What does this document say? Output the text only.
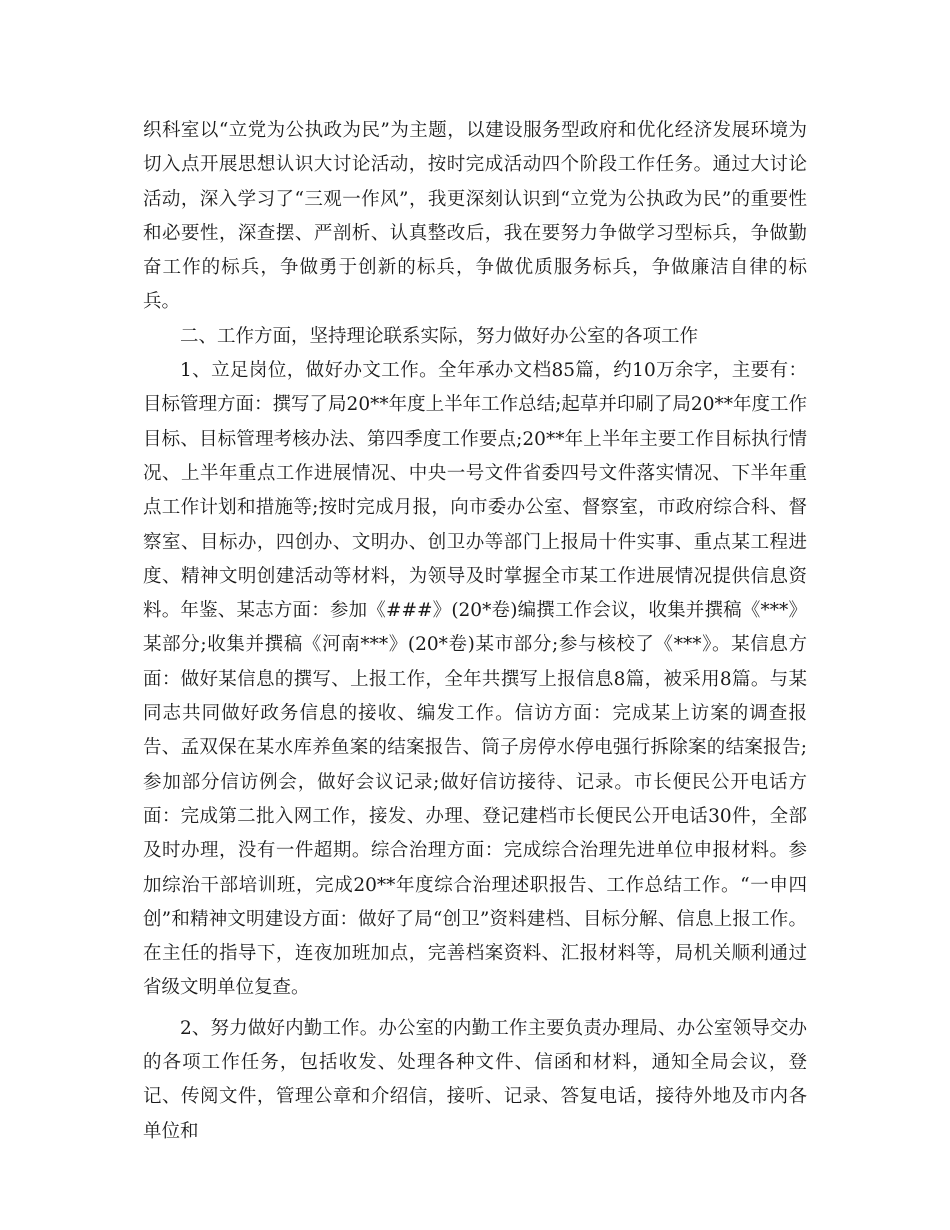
织科室以“立党为公执政为民”为主题，以建设服务型政府和优化经济发展环境为切入点开展思想认识大讨论活动，按时完成活动四个阶段工作任务。通过大讨论活动，深入学习了“三观一作风”，我更深刻认识到“立党为公执政为民”的重要性和必要性，深查摆、严剖析、认真整改后，我在要努力争做学习型标兵，争做勤奋工作的标兵，争做勇于创新的标兵，争做优质服务标兵，争做廉洁自律的标兵。

二、工作方面，坚持理论联系实际，努力做好办公室的各项工作

1、立足岗位，做好办文工作。全年承办文档85篇，约10万余字，主要有：目标管理方面：撰写了局20**年度上半年工作总结;起草并印刷了局20**年度工作目标、目标管理考核办法、第四季度工作要点;20**年上半年主要工作目标执行情况、上半年重点工作进展情况、中央一号文件省委四号文件落实情况、下半年重点工作计划和措施等;按时完成月报，向市委办公室、督察室，市政府综合科、督察室、目标办，四创办、文明办、创卫办等部门上报局十件实事、重点某工程进度、精神文明创建活动等材料，为领导及时掌握全市某工作进展情况提供信息资料。年鉴、某志方面：参加《###》(20*卷)编撰工作会议，收集并撰稿《***》某部分;收集并撰稿《河南***》(20*卷)某市部分;参与核校了《***》。某信息方面：做好某信息的撰写、上报工作，全年共撰写上报信息8篇，被采用8篇。与某同志共同做好政务信息的接收、编发工作。信访方面：完成某上访案的调查报告、孟双保在某水库养鱼案的结案报告、筒子房停水停电强行拆除案的结案报告;参加部分信访例会，做好会议记录;做好信访接待、记录。市长便民公开电话方面：完成第二批入网工作，接发、办理、登记建档市长便民公开电话30件，全部及时办理，没有一件超期。综合治理方面：完成综合治理先进单位申报材料。参加综治干部培训班，完成20**年度综合治理述职报告、工作总结工作。“一申四创”和精神文明建设方面：做好了局“创卫”资料建档、目标分解、信息上报工作。在主任的指导下，连夜加班加点，完善档案资料、汇报材料等，局机关顺利通过省级文明单位复查。

2、努力做好内勤工作。办公室的内勤工作主要负责办理局、办公室领导交办的各项工作任务，包括收发、处理各种文件、信函和材料，通知全局会议，登记、传阅文件，管理公章和介绍信，接听、记录、答复电话，接待外地及市内各单位和
